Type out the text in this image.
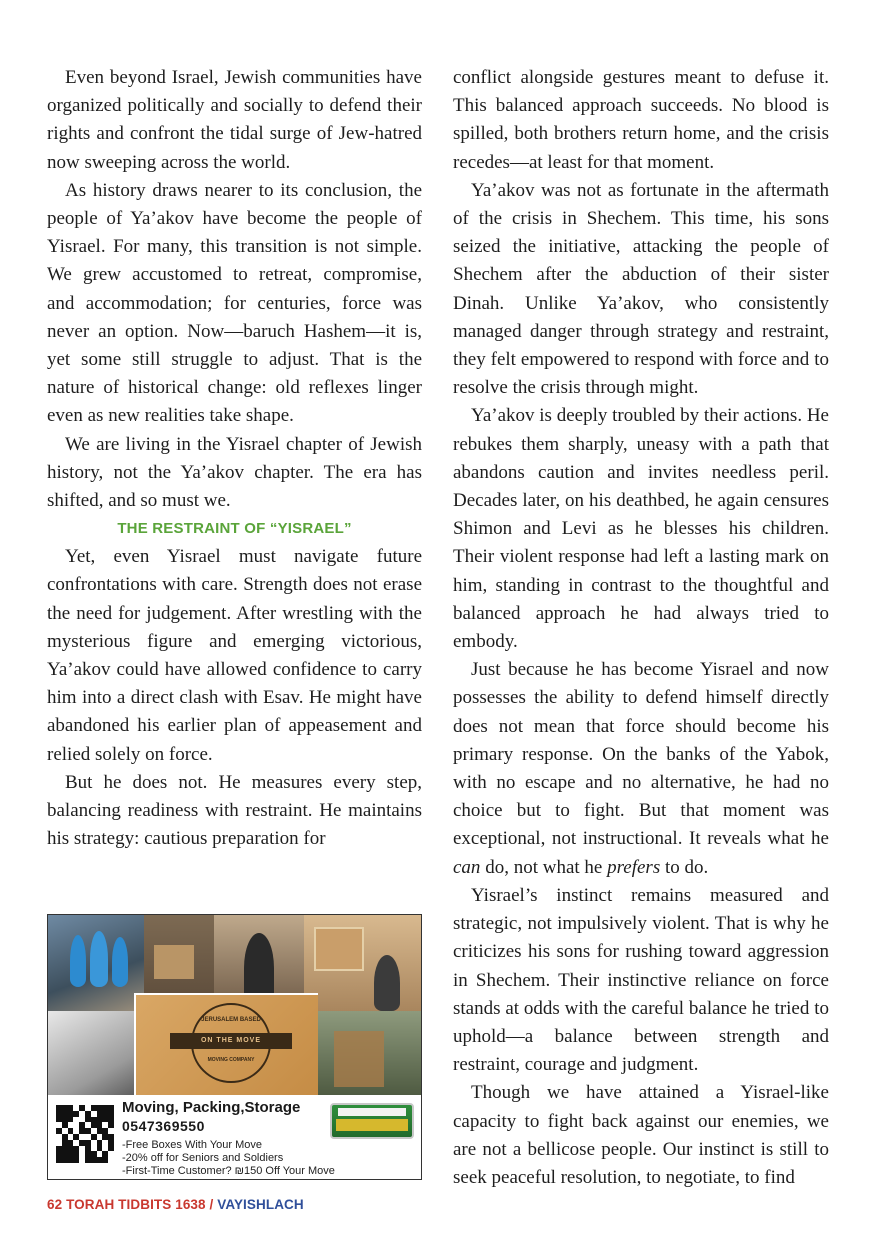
Even beyond Israel, Jewish communities have organized politically and socially to defend their rights and confront the tidal surge of Jew-hatred now sweeping across the world.

As history draws nearer to its conclusion, the people of Ya’akov have become the people of Yisrael. For many, this transition is not simple. We grew accustomed to retreat, compromise, and accommodation; for centuries, force was never an option. Now—baruch Hashem—it is, yet some still struggle to adjust. That is the nature of historical change: old reflexes linger even as new realities take shape.

We are living in the Yisrael chapter of Jewish history, not the Ya’akov chapter. The era has shifted, and so must we.

THE RESTRAINT OF “YISRAEL”

Yet, even Yisrael must navigate future confrontations with care. Strength does not erase the need for judgement. After wrestling with the mysterious figure and emerging victorious, Ya’akov could have allowed confidence to carry him into a direct clash with Esav. He might have abandoned his earlier plan of appeasement and relied solely on force.

But he does not. He measures every step, balancing readiness with restraint. He maintains his strategy: cautious preparation for

conflict alongside gestures meant to defuse it. This balanced approach succeeds. No blood is spilled, both brothers return home, and the crisis recedes—at least for that moment.

Ya’akov was not as fortunate in the aftermath of the crisis in Shechem. This time, his sons seized the initiative, attacking the people of Shechem after the abduction of their sister Dinah. Unlike Ya’akov, who consistently managed danger through strategy and restraint, they felt empowered to respond with force and to resolve the crisis through might.

Ya’akov is deeply troubled by their actions. He rebukes them sharply, uneasy with a path that abandons caution and invites needless peril. Decades later, on his deathbed, he again censures Shimon and Levi as he blesses his children. Their violent response had left a lasting mark on him, standing in contrast to the thoughtful and balanced approach he had always tried to embody.

Just because he has become Yisrael and now possesses the ability to defend himself directly does not mean that force should become his primary response. On the banks of the Yabok, with no escape and no alternative, he had no choice but to fight. But that moment was exceptional, not instructional. It reveals what he can do, not what he prefers to do.

Yisrael’s instinct remains measured and strategic, not impulsively violent. That is why he criticizes his sons for rushing toward aggression in Shechem. Their instinctive reliance on force stands at odds with the careful balance he tried to uphold—a balance between strength and restraint, courage and judgment.

Though we have attained a Yisrael-like capacity to fight back against our enemies, we are not a bellicose people. Our instinct is still to seek peaceful resolution, to negotiate, to find

JERUSALEM BASED
ON THE MOVE
MOVING COMPANY
Moving, Packing,Storage
0547369550
-Free Boxes With Your Move
-20% off for Seniors and Soldiers
-First-Time Customer? ₪150 Off Your Move
62 TORAH TIDBITS 1638 / VAYISHLACH
